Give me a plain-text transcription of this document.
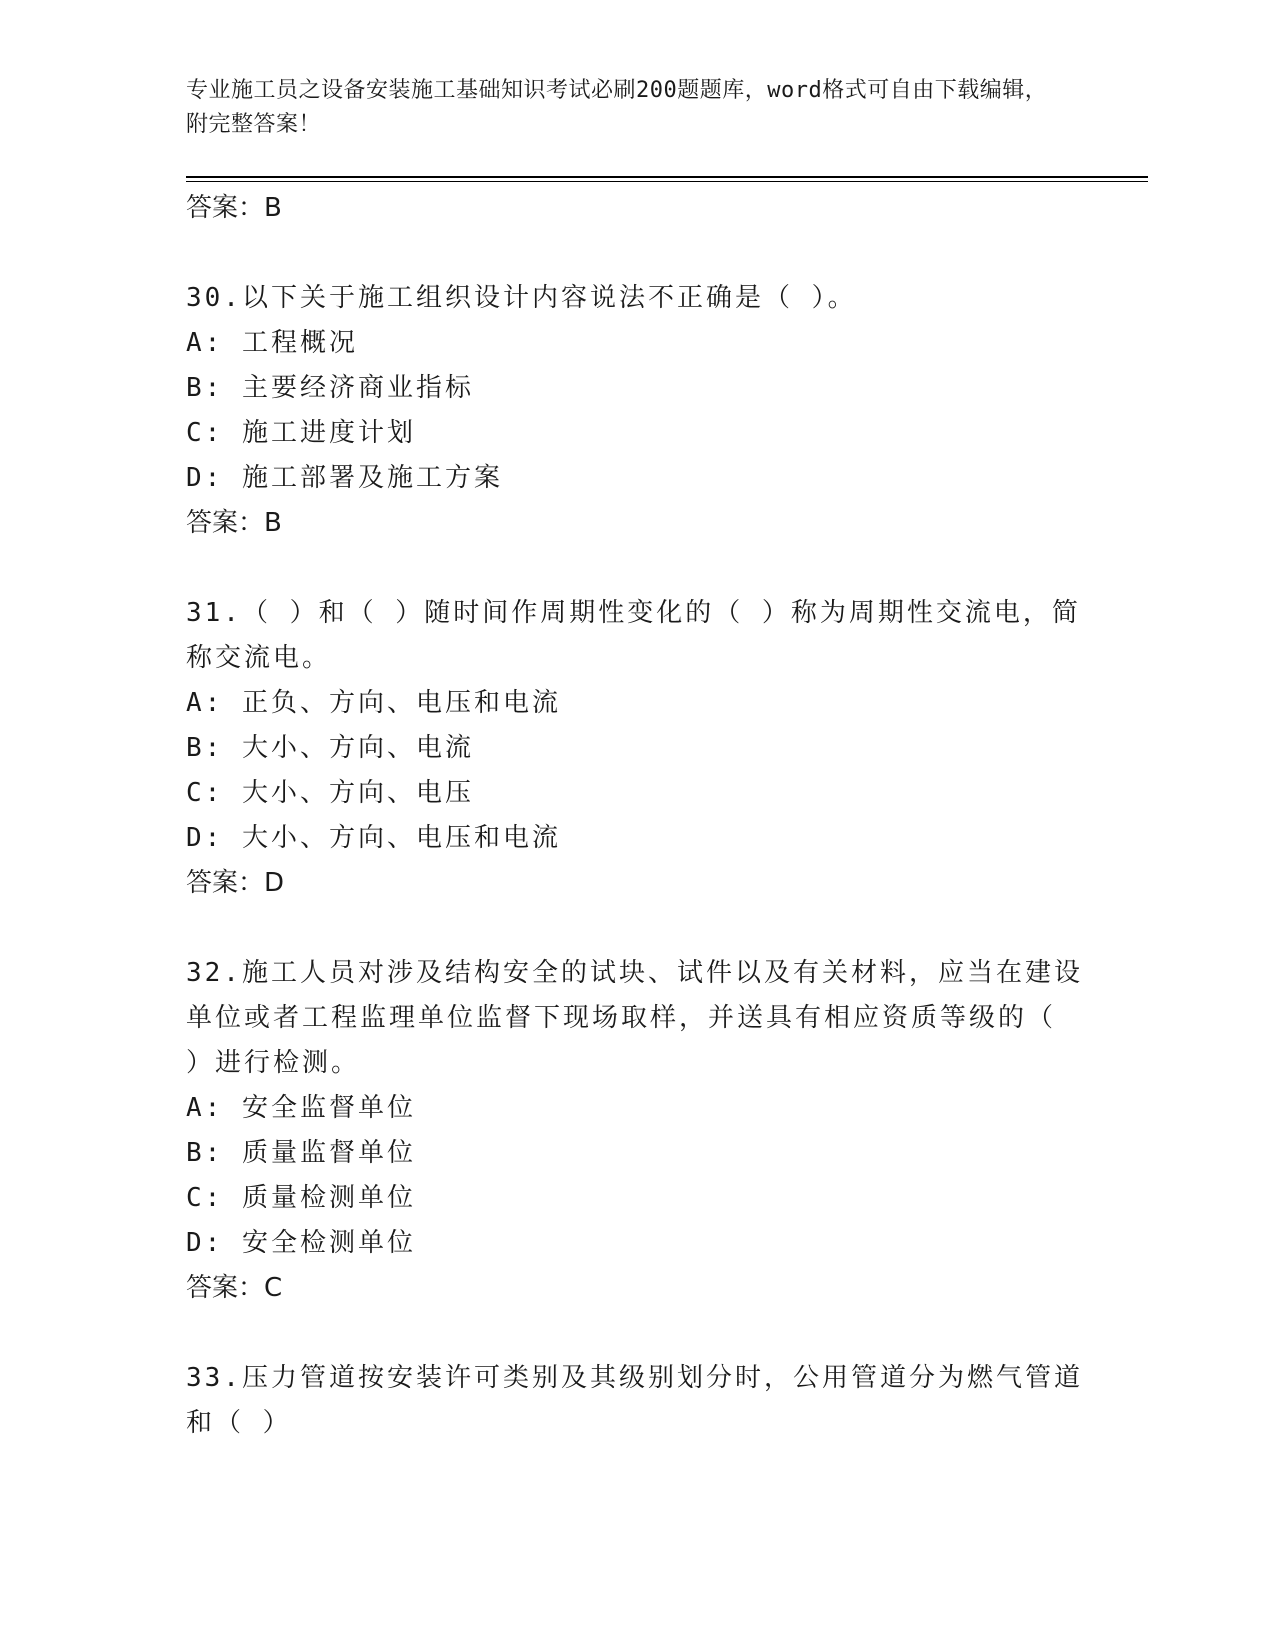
专业施工员之设备安装施工基础知识考试必刷200题题库，word格式可自由下载编辑，附完整答案！

答案：B

30.以下关于施工组织设计内容说法不正确是（ ）。

A: 工程概况

B: 主要经济商业指标

C: 施工进度计划

D: 施工部署及施工方案

答案：B

31.（ ）和（ ）随时间作周期性变化的（ ）称为周期性交流电，简称交流电。

A: 正负、方向、电压和电流

B: 大小、方向、电流

C: 大小、方向、电压

D: 大小、方向、电压和电流

答案：D

32.施工人员对涉及结构安全的试块、试件以及有关材料，应当在建设单位或者工程监理单位监督下现场取样，并送具有相应资质等级的（ ）进行检测。

A: 安全监督单位

B: 质量监督单位

C: 质量检测单位

D: 安全检测单位

答案：C

33.压力管道按安装许可类别及其级别划分时，公用管道分为燃气管道和（ ）
